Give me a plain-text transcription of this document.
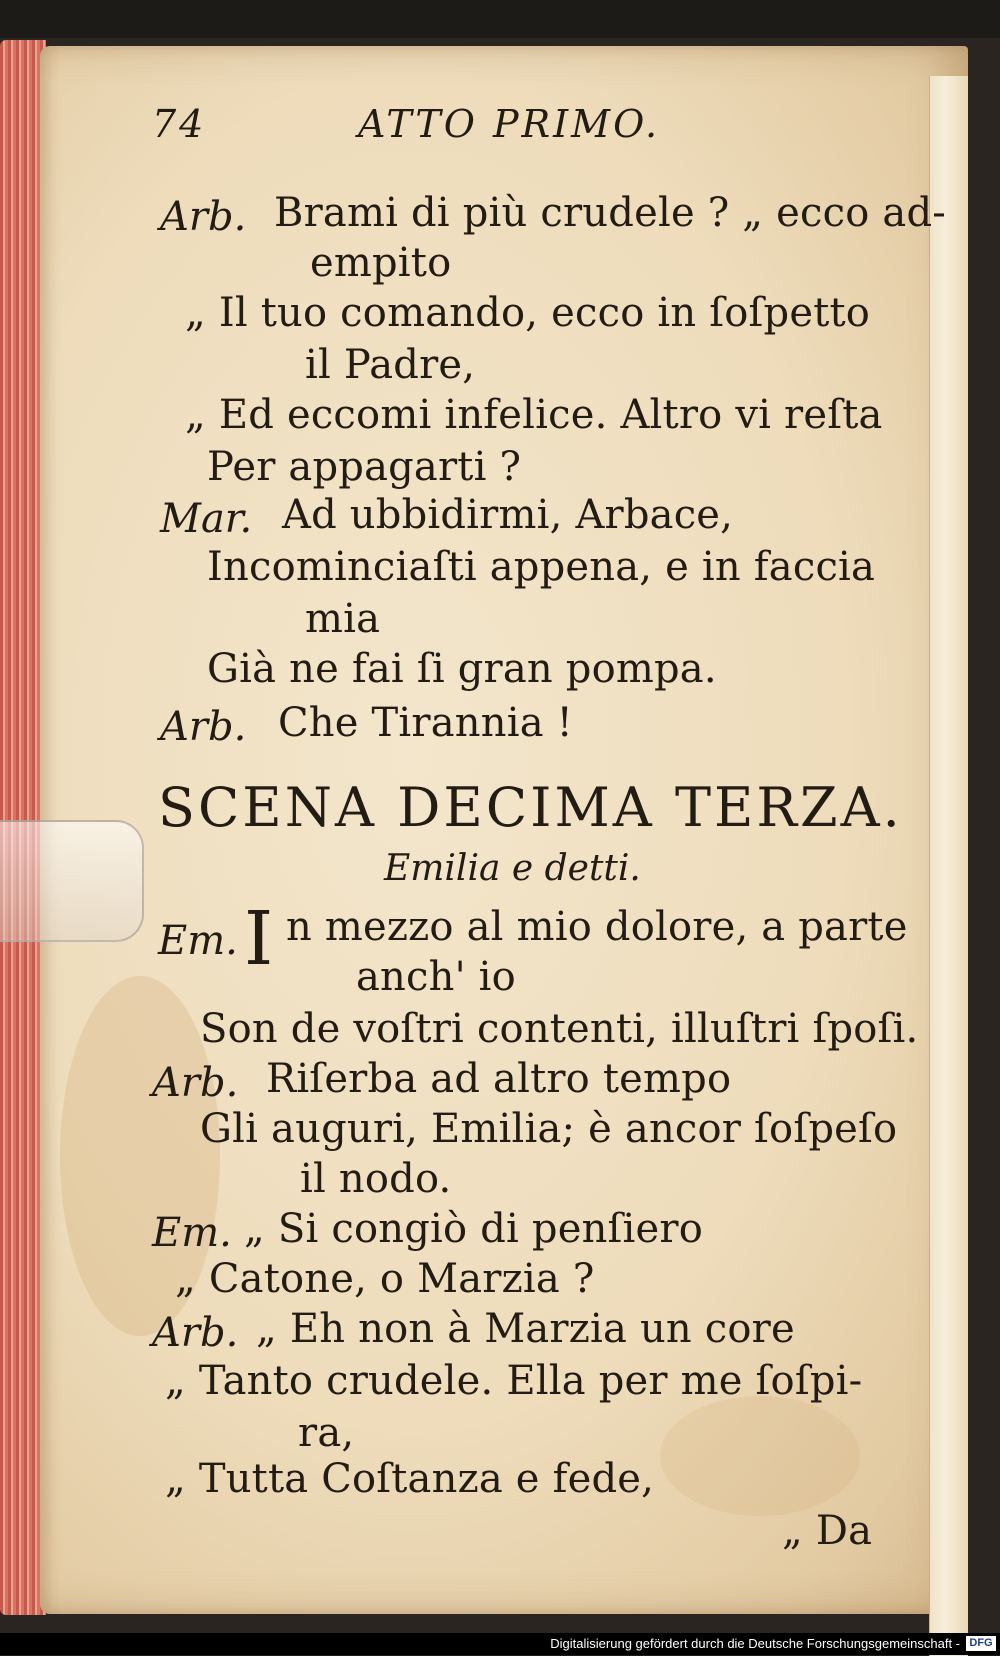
74	ATTO PRIMO.
Arb. Brami di più crudele ? „ ecco ad-
empito
„ Il tuo comando, ecco in ſoſpetto
il Padre,
„ Ed eccomi infelice. Altro vi reſta
Per appagarti ?
Mar. Ad ubbidirmi, Arbace,
Incominciaſti appena, e in faccia
mia
Già ne fai ſi gran pompa.
Arb. Che Tirannia !
SCENA DECIMA TERZA.
Emilia e detti.
Em. I n mezzo al mio dolore, a parte
anch' io
Son de voſtri contenti, illuſtri ſpoſi.
Arb. Riſerba ad altro tempo
Gli auguri, Emilia; è ancor ſoſpeſo
il nodo.
Em. „ Si congiò di penſiero
„ Catone, o Marzia ?
Arb. „ Eh non à Marzia un core
„ Tanto crudele. Ella per me ſoſpi-
ra,
„ Tutta Coſtanza e fede,
„ Da
Digitalisierung gefördert durch die Deutsche Forschungsgemeinschaft - DFG
